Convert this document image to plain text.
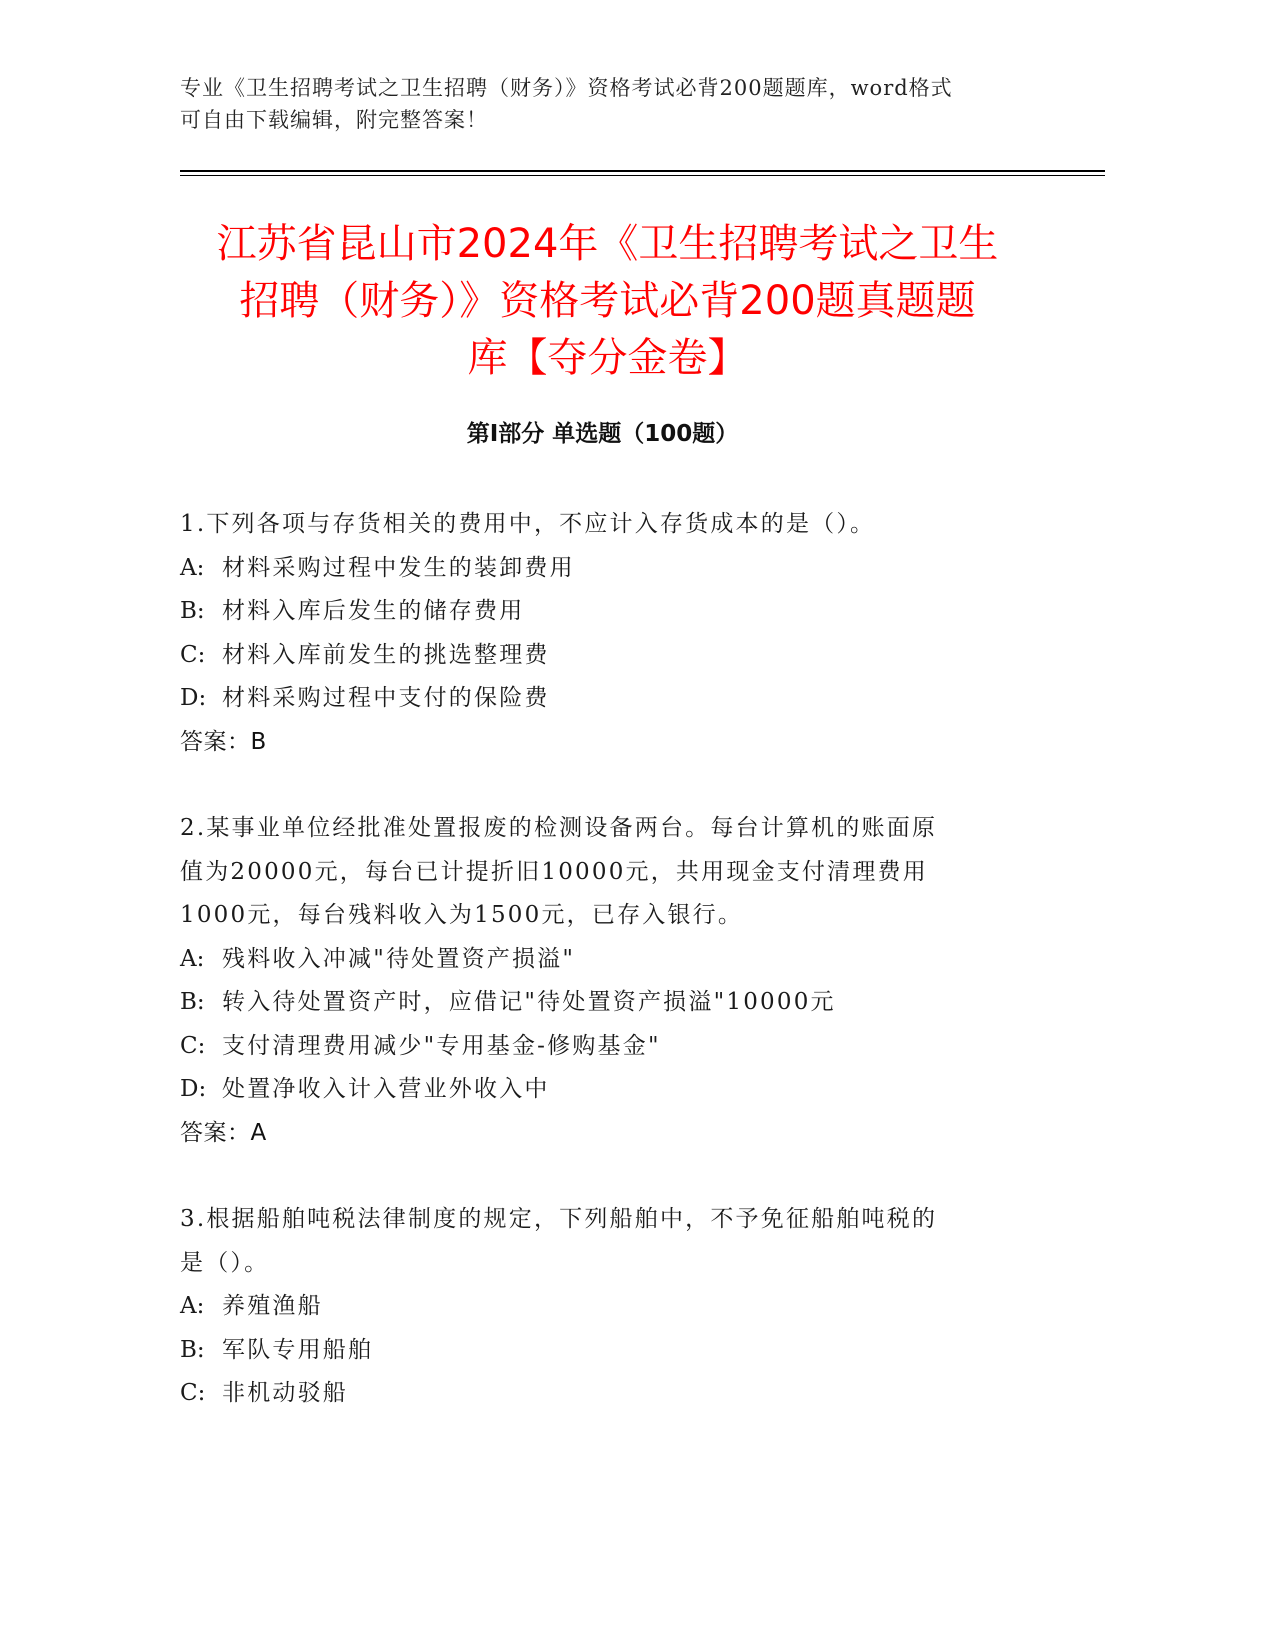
专业《卫生招聘考试之卫生招聘（财务）》资格考试必背200题题库，word格式
可自由下载编辑，附完整答案！
江苏省昆山市2024年《卫生招聘考试之卫生
招聘（财务）》资格考试必背200题真题题
库【夺分金卷】
第Ⅰ部分 单选题（100题）
1.下列各项与存货相关的费用中，不应计入存货成本的是（）。
A: 材料采购过程中发生的装卸费用
B: 材料入库后发生的储存费用
C: 材料入库前发生的挑选整理费
D: 材料采购过程中支付的保险费
答案：B
2.某事业单位经批准处置报废的检测设备两台。每台计算机的账面原
值为20000元，每台已计提折旧10000元，共用现金支付清理费用
1000元，每台残料收入为1500元，已存入银行。
A: 残料收入冲减"待处置资产损溢"
B: 转入待处置资产时，应借记"待处置资产损溢"10000元
C: 支付清理费用减少"专用基金-修购基金"
D: 处置净收入计入营业外收入中
答案：A
3.根据船舶吨税法律制度的规定，下列船舶中，不予免征船舶吨税的
是（）。
A: 养殖渔船
B: 军队专用船舶
C: 非机动驳船
